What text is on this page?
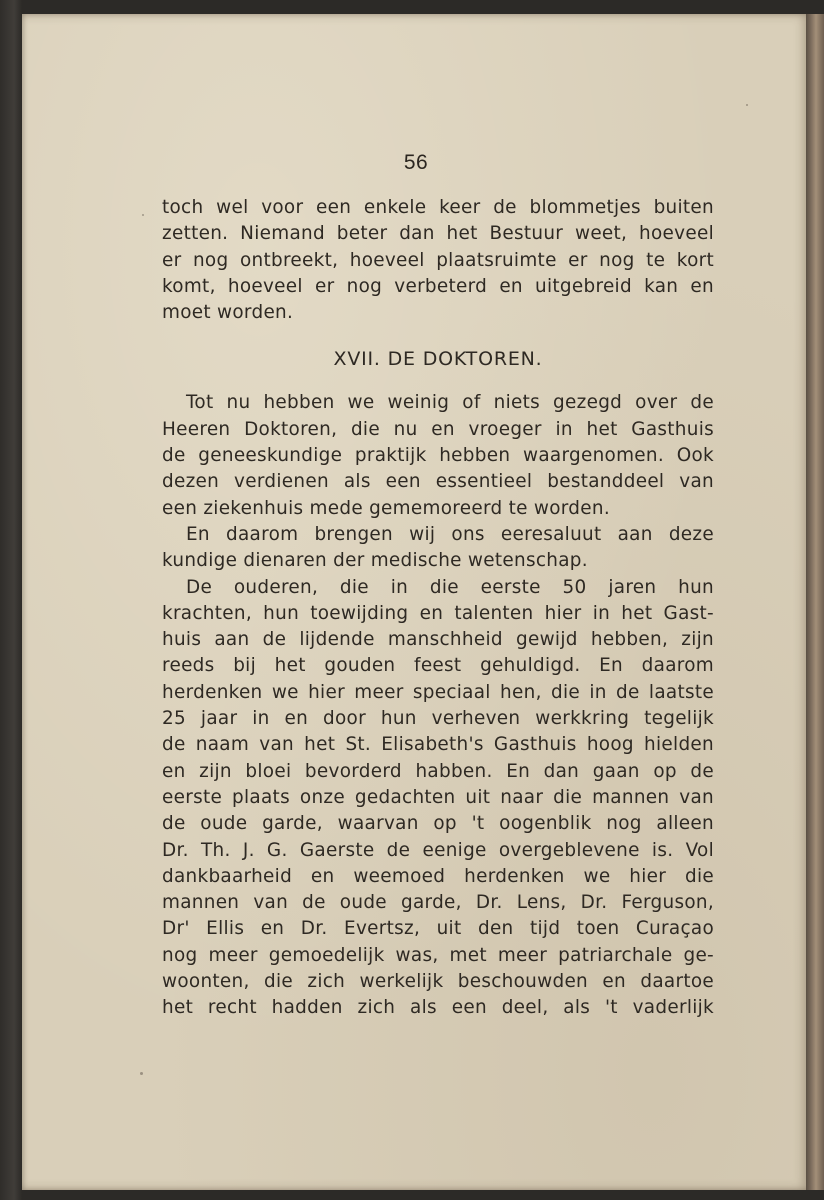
56
toch wel voor een enkele keer de blommetjes buiten
zetten. Niemand beter dan het Bestuur weet, hoeveel
er nog ontbreekt, hoeveel plaatsruimte er nog te kort
komt, hoeveel er nog verbeterd en uitgebreid kan en
moet worden.
XVII. DE DOKTOREN.
Tot nu hebben we weinig of niets gezegd over de
Heeren Doktoren, die nu en vroeger in het Gasthuis
de geneeskundige praktijk hebben waargenomen. Ook
dezen verdienen als een essentieel bestanddeel van
een ziekenhuis mede gememoreerd te worden.
En daarom brengen wij ons eeresaluut aan deze
kundige dienaren der medische wetenschap.
De ouderen, die in die eerste 50 jaren hun
krachten, hun toewijding en talenten hier in het Gast-
huis aan de lijdende manschheid gewijd hebben, zijn
reeds bij het gouden feest gehuldigd. En daarom
herdenken we hier meer speciaal hen, die in de laatste
25 jaar in en door hun verheven werkkring tegelijk
de naam van het St. Elisabeth's Gasthuis hoog hielden
en zijn bloei bevorderd habben. En dan gaan op de
eerste plaats onze gedachten uit naar die mannen van
de oude garde, waarvan op 't oogenblik nog alleen
Dr. Th. J. G. Gaerste de eenige overgeblevene is. Vol
dankbaarheid en weemoed herdenken we hier die
mannen van de oude garde, Dr. Lens, Dr. Ferguson,
Dr' Ellis en Dr. Evertsz, uit den tijd toen Curaçao
nog meer gemoedelijk was, met meer patriarchale ge-
woonten, die zich werkelijk beschouwden en daartoe
het recht hadden zich als een deel, als 't vaderlijk
